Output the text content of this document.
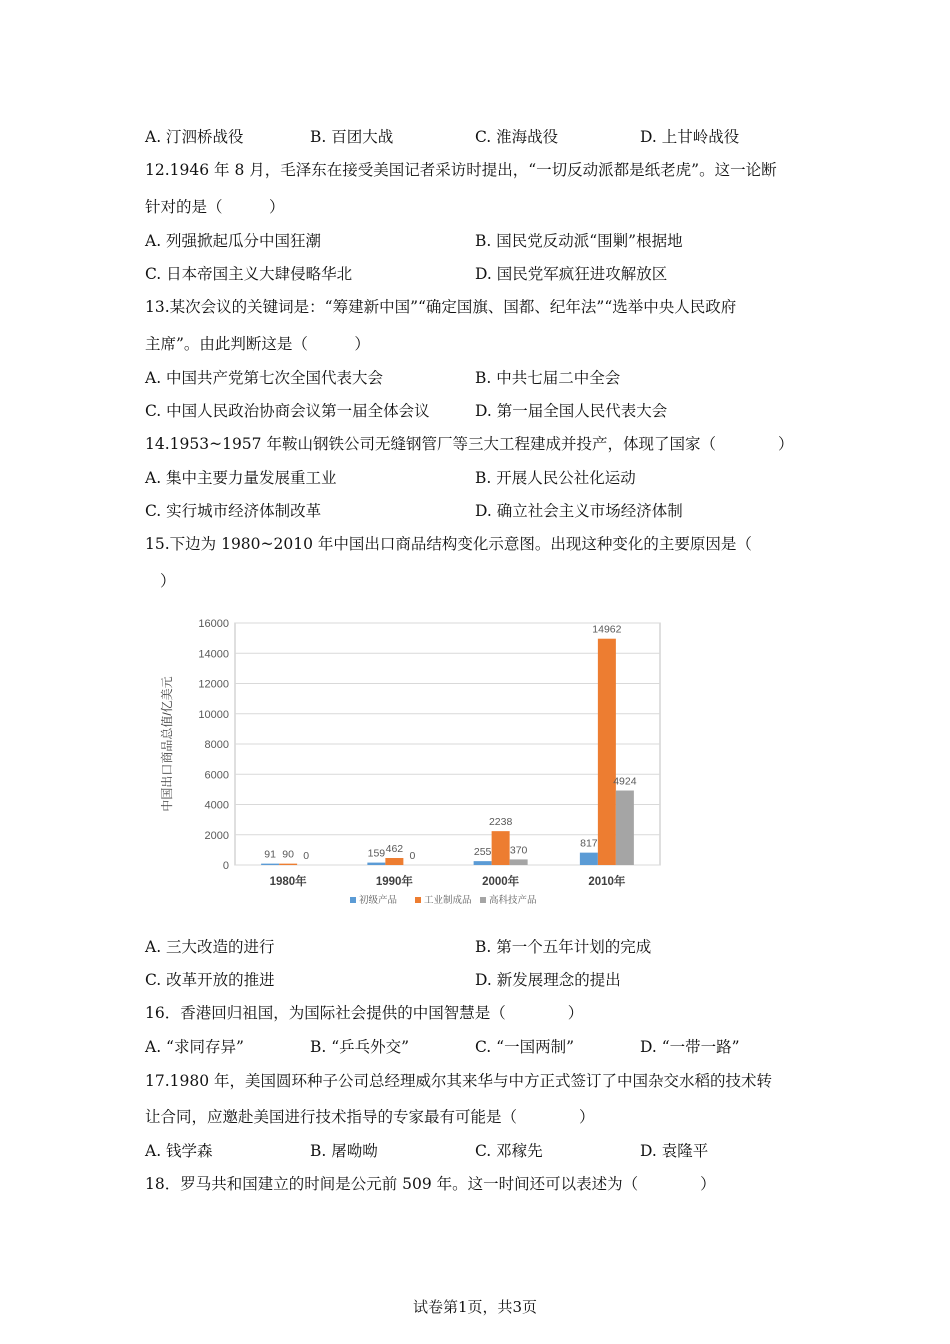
A. 汀泗桥战役	B. 百团大战	C. 淮海战役	D. 上甘岭战役
12.1946 年 8 月，毛泽东在接受美国记者采访时提出，“一切反动派都是纸老虎”。这一论断
针对的是（　　　）
A. 列强掀起瓜分中国狂潮	B. 国民党反动派“围剿”根据地
C. 日本帝国主义大肆侵略华北	D. 国民党军疯狂进攻解放区
13.某次会议的关键词是：“筹建新中国”“确定国旗、国都、纪年法”“选举中央人民政府
主席”。由此判断这是（　　　）
A. 中国共产党第七次全国代表大会	B. 中共七届二中全会
C. 中国人民政治协商会议第一届全体会议	D. 第一届全国人民代表大会
14.1953~1957 年鞍山钢铁公司无缝钢管厂等三大工程建成并投产，体现了国家（　　　　）
A. 集中主要力量发展重工业	B. 开展人民公社化运动
C. 实行城市经济体制改革	D. 确立社会主义市场经济体制
15.下边为 1980~2010 年中国出口商品结构变化示意图。出现这种变化的主要原因是（
）
0
2000
4000
6000
8000
10000
12000
14000
16000
中国出口商品总值/亿美元
91 90 0
1980年
159 462
0
1990年
255
2238
370
2000年
817
14962
4924
2010年
初级产品	工业制成品 高科技产品
A. 三大改造的进行	B. 第一个五年计划的完成
C. 改革开放的推进	D. 新发展理念的提出
16．香港回归祖国，为国际社会提供的中国智慧是（　　　　）
A. “求同存异”	B. “乒乓外交”	C. “一国两制”	D. “一带一路”
17.1980 年，美国圆环种子公司总经理威尔其来华与中方正式签订了中国杂交水稻的技术转
让合同，应邀赴美国进行技术指导的专家最有可能是（　　　　）
A. 钱学森	B. 屠呦呦	C. 邓稼先	D. 袁隆平
18．罗马共和国建立的时间是公元前 509 年。这一时间还可以表述为（　　　　）
试卷第1页，共3页
